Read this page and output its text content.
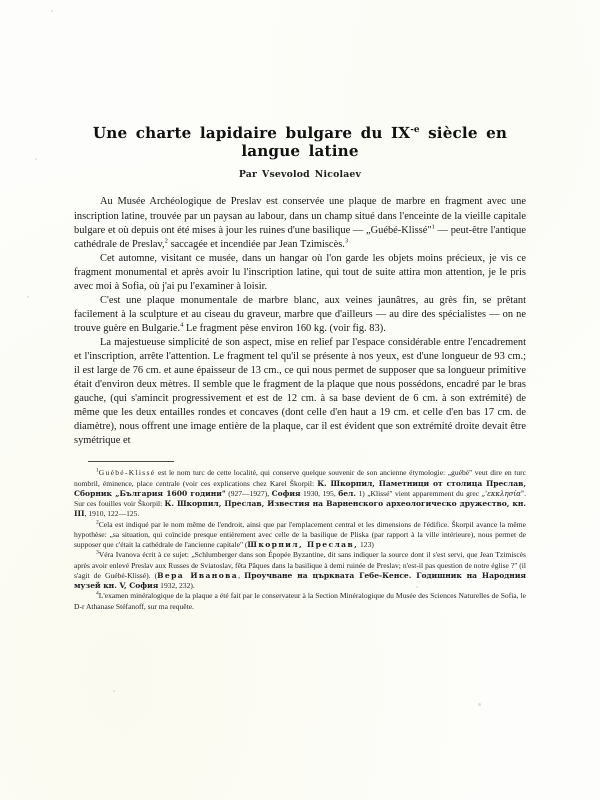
Une charte lapidaire bulgare du $IX^{-e}$ siècle en langue latine

Par Vsevolod Nicolaev

Au Musée Archéologique de Preslav est conservée une plaque de marbre en fragment avec une inscription latine, trouvée par un paysan au labour, dans un champ situé dans l'enceinte de la vieille capitale bulgare et où depuis ont été mises à jour les ruines d'une basilique — „Guébé-Klissé"$^1$ — peut-être l'antique cathédrale de Preslav,$^2$ saccagée et incendiée par Jean Tzimiscès.$^3$

Cet automne, visitant ce musée, dans un hangar où l'on garde les objets moins précieux, je vis ce fragment monumental et après avoir lu l'inscription latine, qui tout de suite attira mon attention, je le pris avec moi à Sofia, où j'ai pu l'examiner à loisir.

C'est une plaque monumentale de marbre blanc, aux veines jaunâtres, au grès fin, se prêtant facilement à la sculpture et au ciseau du graveur, marbre que d'ailleurs — au dire des spécialistes — on ne trouve guère en Bulgarie.$^4$ Le fragment pèse environ 160 kg. (voir fig. 83).

La majestueuse simplicité de son aspect, mise en relief par l'espace considérable entre l'encadrement et l'inscription, arrête l'attention. Le fragment tel qu'il se présente à nos yeux, est d'une longueur de 93 cm.; il est large de 76 cm. et aune épaisseur de 13 cm., ce qui nous permet de supposer que sa longueur primitive était d'environ deux mètres. Il semble que le fragment de la plaque que nous possédons, encadré par le bras gauche, (qui s'amincit progressivement et est de 12 cm. à sa base devient de 6 cm. à son extrémité) de même que les deux entailles rondes et concaves (dont celle d'en haut a 19 cm. et celle d'en bas 17 cm. de diamètre), nous offrent une image entière de la plaque, car il est évident que son extrémité droite devait être symétrique et

$^1$Guébé-Klissé est le nom turc de cette localité, qui conserve quelque souvenir de son ancienne étymologie: „guébé" veut dire en turc nombril, éminence, place centrale (voir ces explications chez Karel Škorpil: К. Шкорпил, Паметници от столица Преслав, Сборник „България 1600 години" (927—1927), София 1930, 195, бел. 1) „Klissé" vient apparemment du grec „'εκκλησία". Sur ces fouilles voir Škorpil: К. Шкорпил, Преслав, Известия на Варненского археологическо дружество, кн. III, 1910, 122—125.

$^2$Cela est indiqué par le nom même de l'endroit, ainsi que par l'emplacement central et les dimensions de l'édifice. Škorpil avance la même hypothèse: „sa situation, qui coïncide presque entièrement avec celle de la basilique de Pliska (par rapport à la ville intérieure), nous permet de supposer que c'était la cathédrale de l'ancienne capitale" (Шкорпил, Преслав, 123)

$^3$Véra Ivanova écrit à ce sujet: „Schlumberger dans son Épopée Byzantine, dit sans indiquer la source dont il s'est servi, que Jean Tzimiscès après avoir enlevé Preslav aux Russes de Sviatoslav, fêta Pâques dans la basilique à demi ruinée de Preslav; n'est-il pas question de notre église ?" (il s'agit de Guébé-Klissé). (Вера Иванова, Проучване на църквата Гебе-Кенсе. Годишник на Народния музей кн. V, София 1932, 232).

$^4$L'examen minéralogique de la plaque a été fait par le conservateur à la Section Minéralogique du Musée des Sciences Naturelles de Sofia, le D-r Athanase Stéfanoff, sur ma requête.
